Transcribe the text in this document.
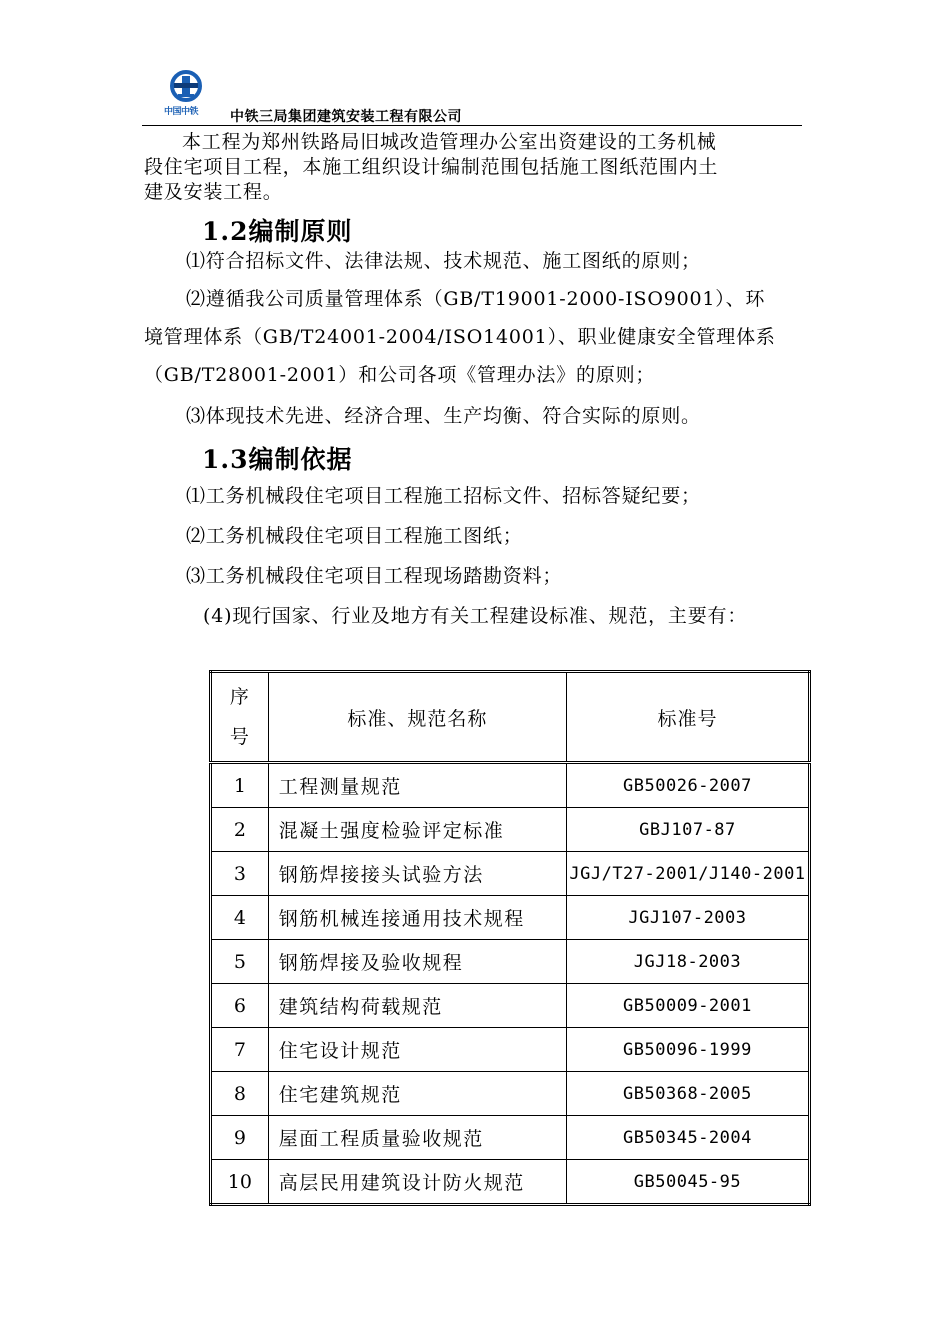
中国中铁 中铁三局集团建筑安装工程有限公司
本工程为郑州铁路局旧城改造管理办公室出资建设的工务机械
段住宅项目工程，本施工组织设计编制范围包括施工图纸范围内土
建及安装工程。
1.2编制原则
⑴符合招标文件、法律法规、技术规范、施工图纸的原则；
⑵遵循我公司质量管理体系（GB/T19001-2000-ISO9001）、环
境管理体系（GB/T24001-2004/ISO14001）、职业健康安全管理体系
（GB/T28001-2001）和公司各项《管理办法》的原则；
⑶体现技术先进、经济合理、生产均衡、符合实际的原则。
1.3编制依据
⑴工务机械段住宅项目工程施工招标文件、招标答疑纪要；
⑵工务机械段住宅项目工程施工图纸；
⑶工务机械段住宅项目工程现场踏勘资料；
(4)现行国家、行业及地方有关工程建设标准、规范，主要有：
序
号	标准、规范名称	标准号
1	工程测量规范	GB50026-2007
2	混凝土强度检验评定标准	GBJ107-87
3	钢筋焊接接头试验方法	JGJ/T27-2001/J140-2001
4	钢筋机械连接通用技术规程	JGJ107-2003
5	钢筋焊接及验收规程	JGJ18-2003
6	建筑结构荷载规范	GB50009-2001
7	住宅设计规范	GB50096-1999
8	住宅建筑规范	GB50368-2005
9	屋面工程质量验收规范	GB50345-2004
10	高层民用建筑设计防火规范	GB50045-95
